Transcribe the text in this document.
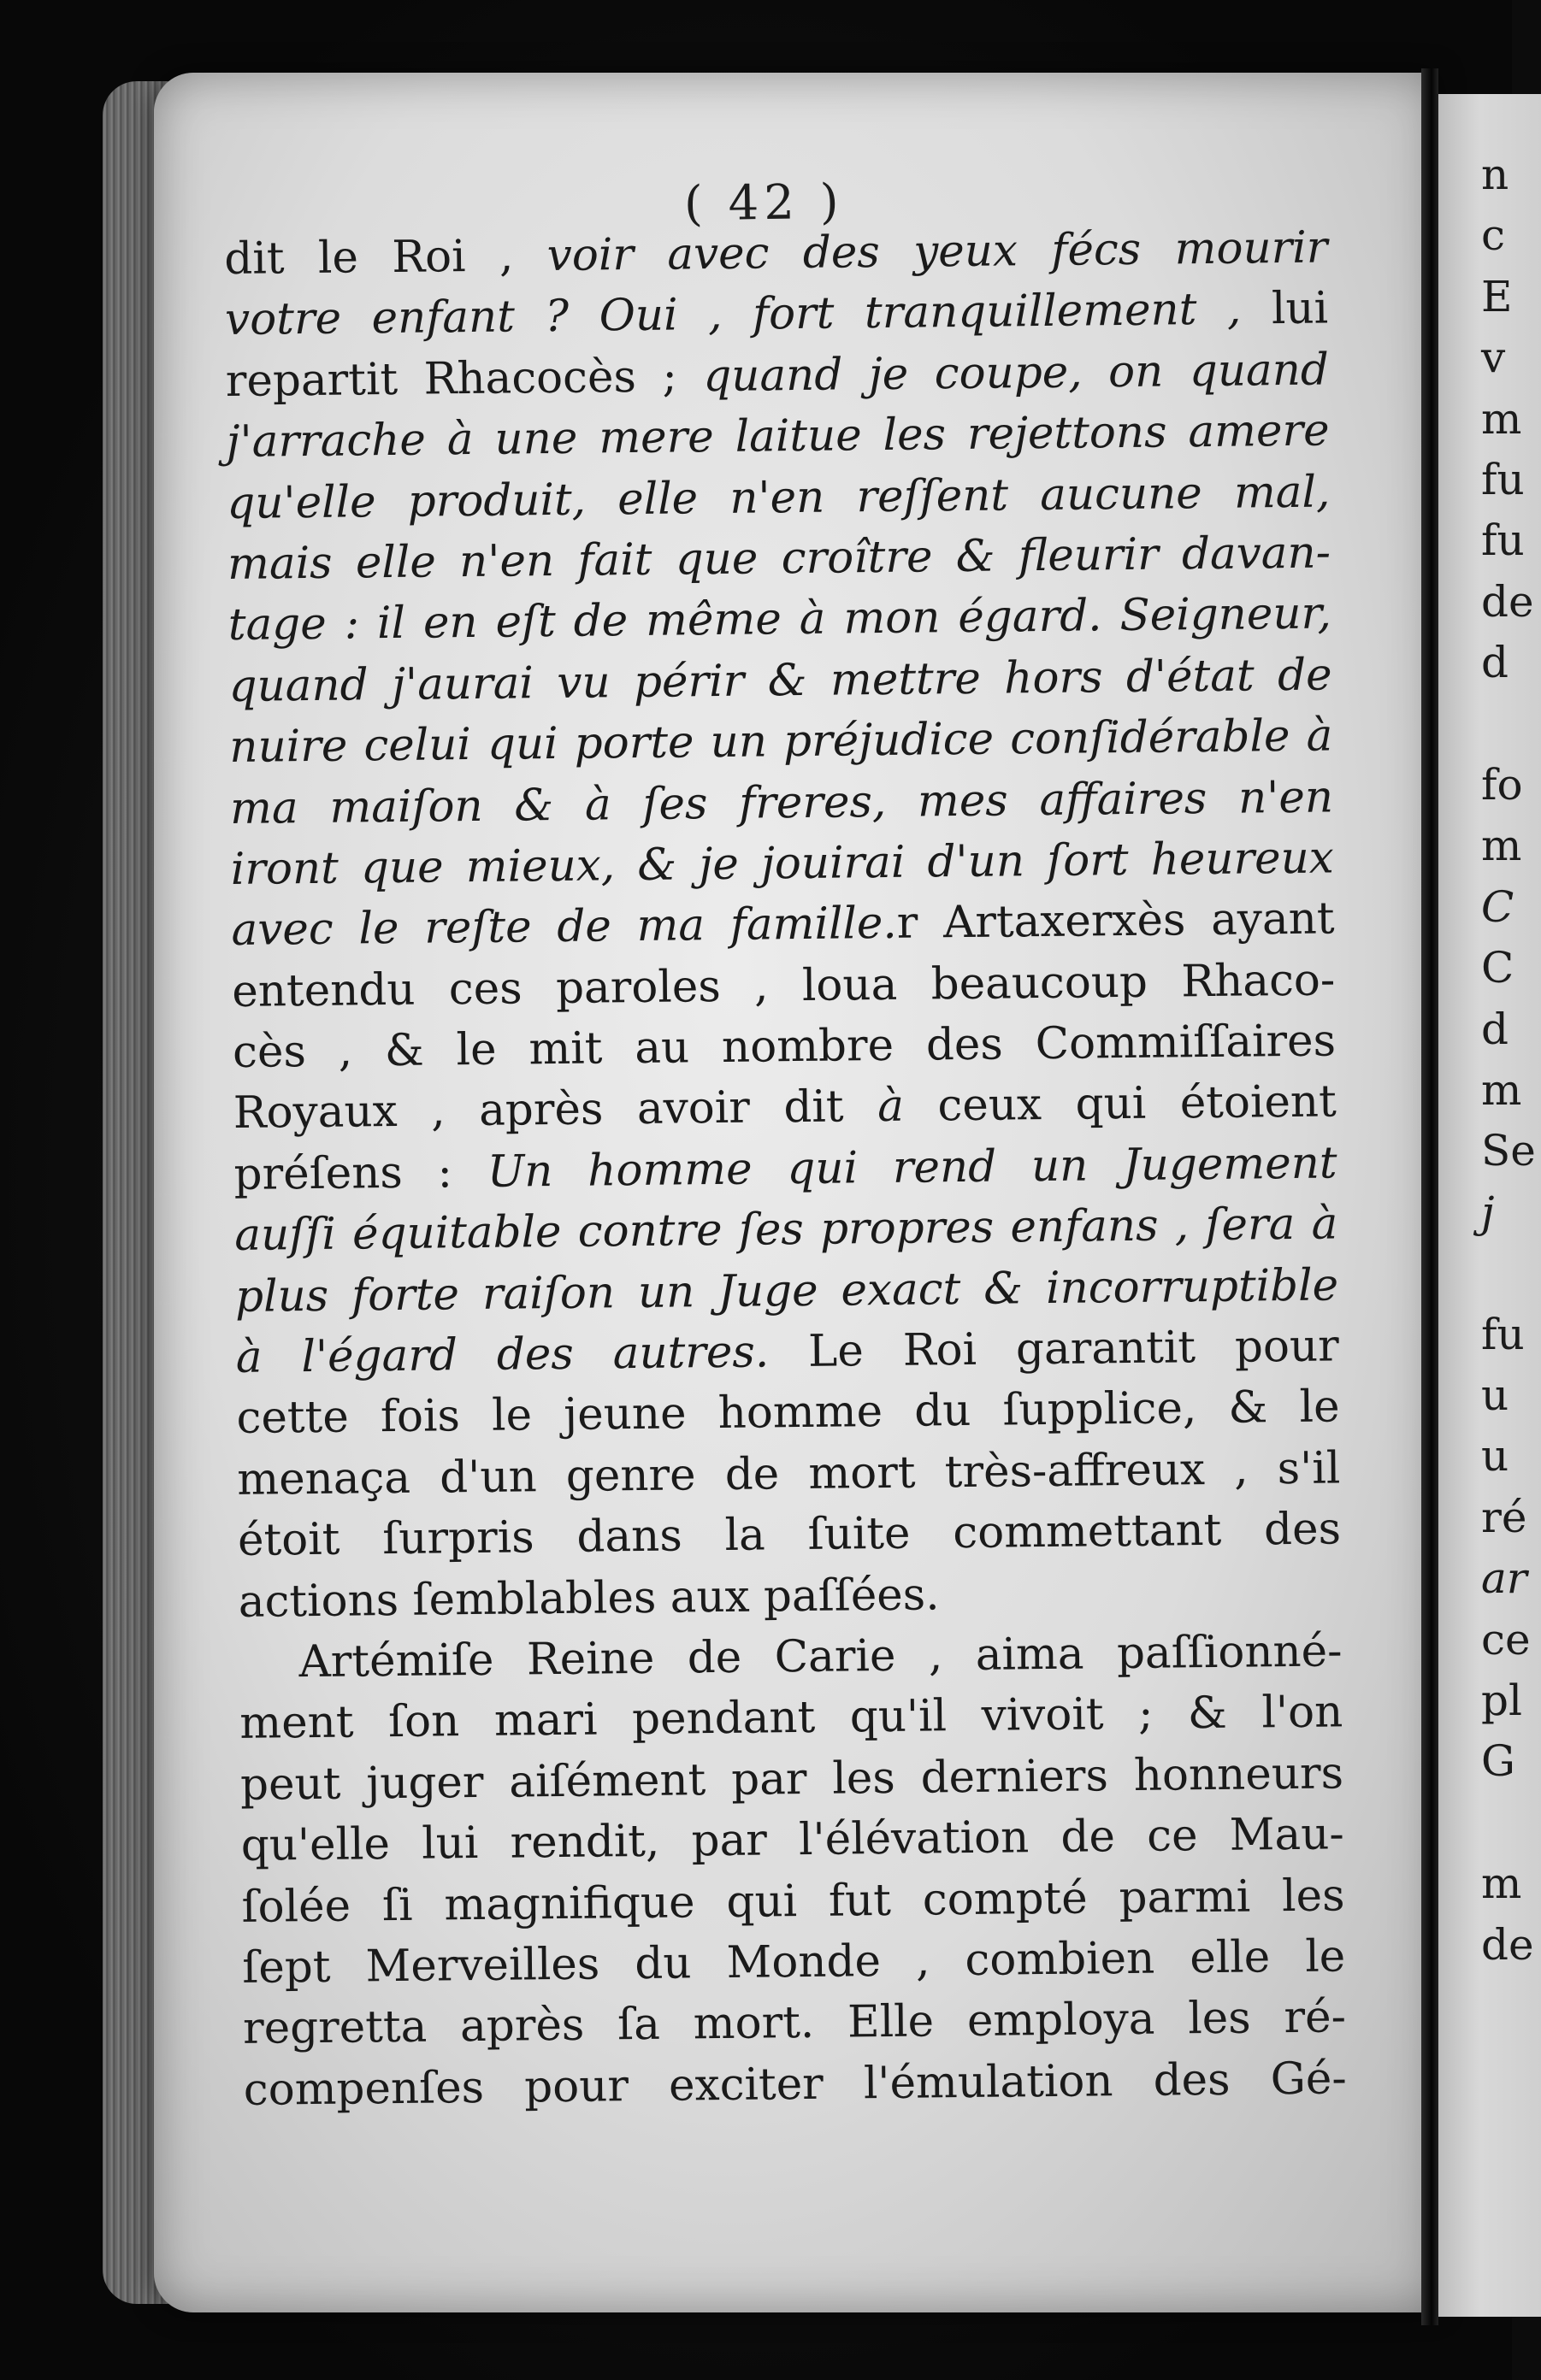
n
c
E
v
m
fu
fu
de
d
fo
m
C
C
d
m
Se
j
fu
u
u
ré
ar
ce
pl
G
m
de
( 42 )
dit le Roi , voir avec des yeux fécs mourir
votre enfant ? Oui , fort tranquillement , lui
repartit Rhacocès ; quand je coupe, on quand
j'arrache à une mere laitue les rejettons amere
qu'elle produit, elle n'en reſſent aucune mal,
mais elle n'en fait que croître & fleurir davan-
tage : il en eſt de même à mon égard. Seigneur,
quand j'aurai vu périr & mettre hors d'état de
nuire celui qui porte un préjudice conſidérable à
ma maiſon & à ſes freres, mes affaires n'en
iront que mieux, & je jouirai d'un ſort heureux
avec le reſte de ma famille.r Artaxerxès ayant
entendu ces paroles , loua beaucoup Rhaco-
cès , & le mit au nombre des Commiſſaires
Royaux , après avoir dit à ceux qui étoient
préſens : Un homme qui rend un Jugement
auſſi équitable contre ſes propres enfans , ſera à
plus forte raiſon un Juge exact & incorruptible
à l'égard des autres. Le Roi garantit pour
cette fois le jeune homme du ſupplice, & le
menaça d'un genre de mort très-affreux , s'il
étoit ſurpris dans la ſuite commettant des
actions ſemblables aux paſſées.
Artémiſe Reine de Carie , aima paſſionné-
ment ſon mari pendant qu'il vivoit ; & l'on
peut juger aiſément par les derniers honneurs
qu'elle lui rendit, par l'élévation de ce Mau-
ſolée ſi magnifique qui fut compté parmi les
ſept Merveilles du Monde , combien elle le
regretta après ſa mort. Elle employa les ré-
compenſes pour exciter l'émulation des Gé-
